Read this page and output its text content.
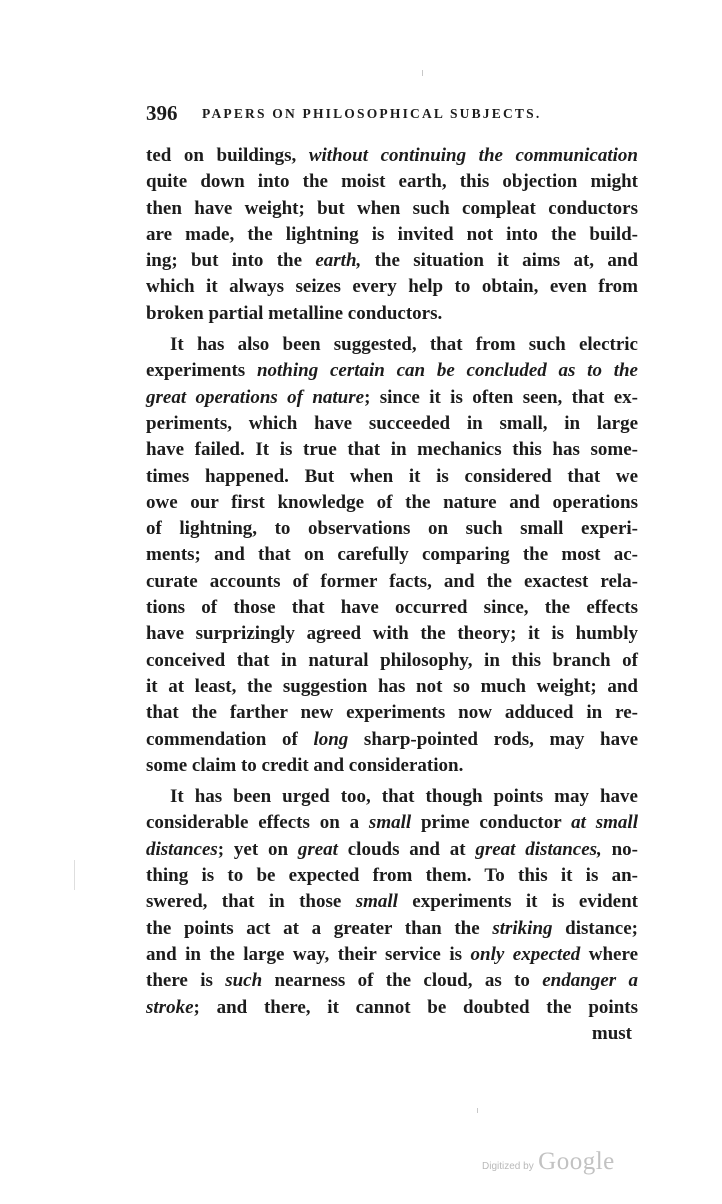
396 PAPERS ON PHILOSOPHICAL SUBJECTS.
ted on buildings, without continuing the communication
quite down into the moist earth, this objection might
then have weight; but when such compleat conductors
are made, the lightning is invited not into the build-
ing; but into the earth, the situation it aims at, and
which it always seizes every help to obtain, even from
broken partial metalline conductors.
It has also been suggested, that from such electric
experiments nothing certain can be concluded as to the
great operations of nature; since it is often seen, that ex-
periments, which have succeeded in small, in large
have failed. It is true that in mechanics this has some-
times happened. But when it is considered that we
owe our first knowledge of the nature and operations
of lightning, to observations on such small experi-
ments; and that on carefully comparing the most ac-
curate accounts of former facts, and the exactest rela-
tions of those that have occurred since, the effects
have surprizingly agreed with the theory; it is humbly
conceived that in natural philosophy, in this branch of
it at least, the suggestion has not so much weight; and
that the farther new experiments now adduced in re-
commendation of long sharp-pointed rods, may have
some claim to credit and consideration.
It has been urged too, that though points may have
considerable effects on a small prime conductor at small
distances; yet on great clouds and at great distances, no-
thing is to be expected from them. To this it is an-
swered, that in those small experiments it is evident
the points act at a greater than the striking distance;
and in the large way, their service is only expected where
there is such nearness of the cloud, as to endanger a
stroke; and there, it cannot be doubted the points
must
Digitized by Google
